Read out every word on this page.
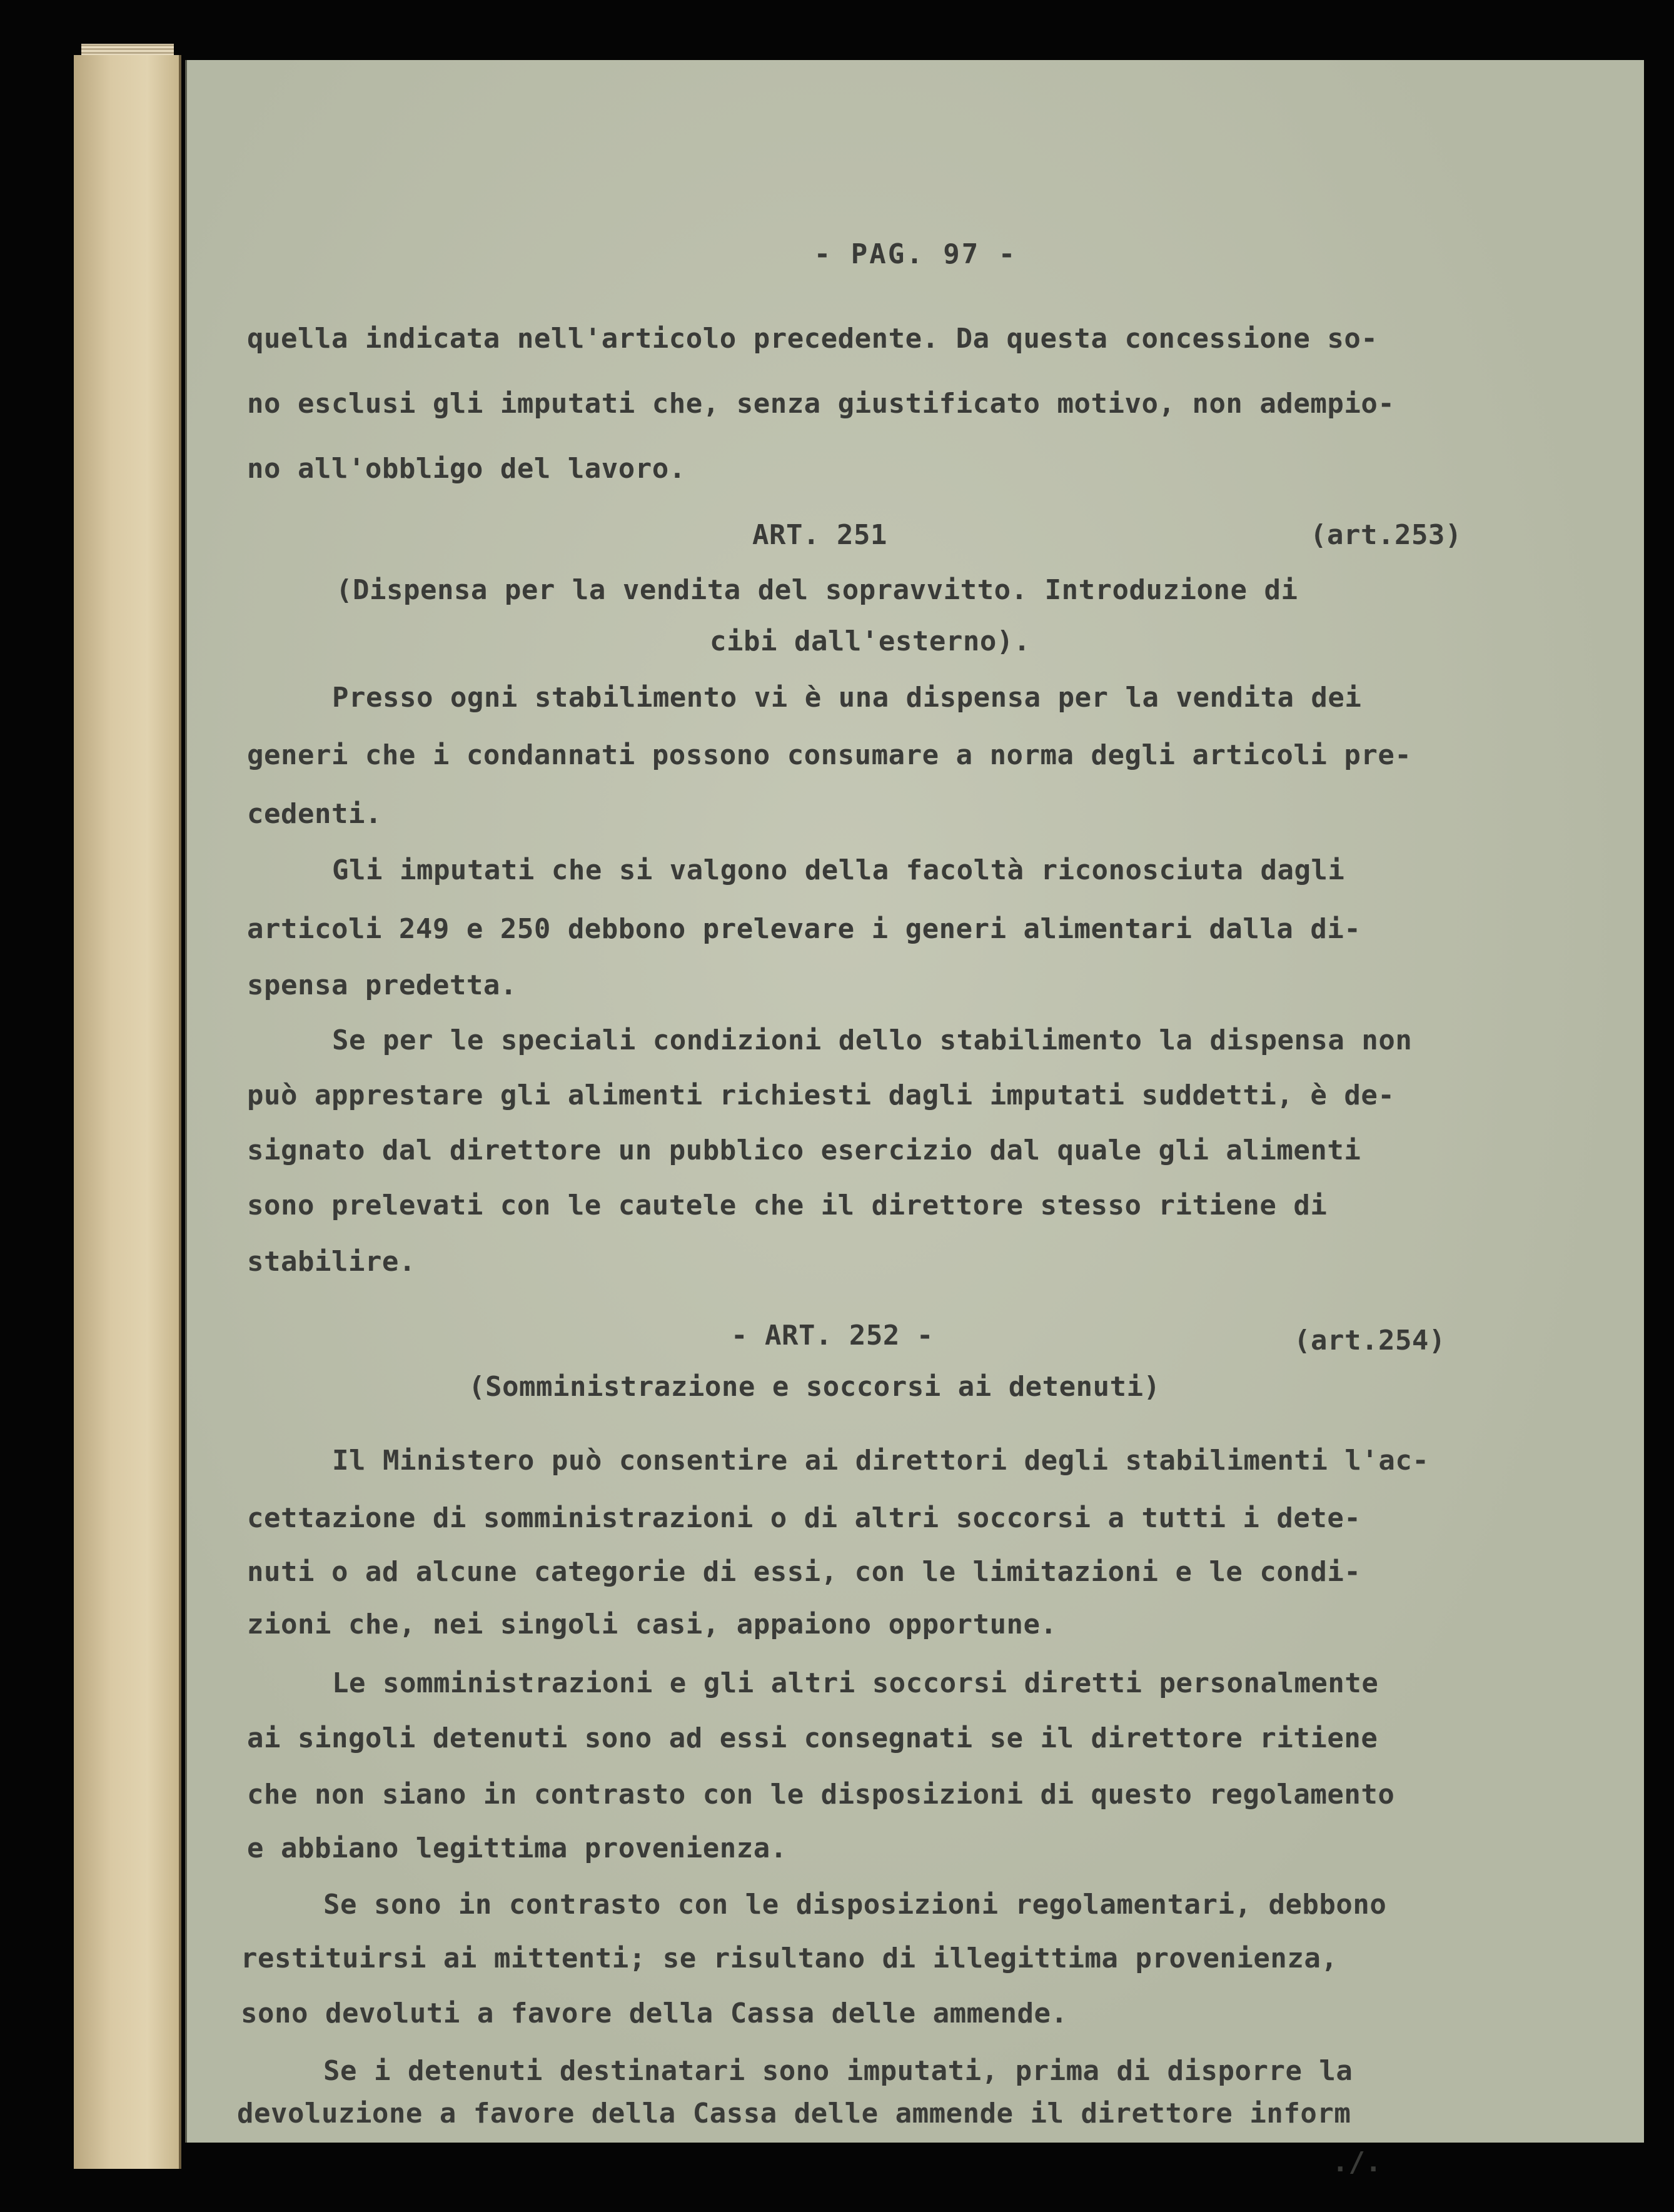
- PAG. 97 -
quella indicata nell'articolo precedente. Da questa concessione so-
no esclusi gli imputati che, senza giustificato motivo, non adempio-
no all'obbligo del lavoro.
ART. 251	(art.253)
(Dispensa per la vendita del sopravvitto. Introduzione di
cibi dall'esterno).
Presso ogni stabilimento vi è una dispensa per la vendita dei
generi che i condannati possono consumare a norma degli articoli pre-
cedenti.
Gli imputati che si valgono della facoltà riconosciuta dagli
articoli 249 e 250 debbono prelevare i generi alimentari dalla di-
spensa predetta.
Se per le speciali condizioni dello stabilimento la dispensa non
può apprestare gli alimenti richiesti dagli imputati suddetti, è de-
signato dal direttore un pubblico esercizio dal quale gli alimenti
sono prelevati con le cautele che il direttore stesso ritiene di
stabilire.
- ART. 252 -	(art.254)
(Somministrazione e soccorsi ai detenuti)
Il Ministero può consentire ai direttori degli stabilimenti l'ac-
cettazione di somministrazioni o di altri soccorsi a tutti i dete-
nuti o ad alcune categorie di essi, con le limitazioni e le condi-
zioni che, nei singoli casi, appaiono opportune.
Le somministrazioni e gli altri soccorsi diretti personalmente
ai singoli detenuti sono ad essi consegnati se il direttore ritiene
che non siano in contrasto con le disposizioni di questo regolamento
e abbiano legittima provenienza.
Se sono in contrasto con le disposizioni regolamentari, debbono
restituirsi ai mittenti; se risultano di illegittima provenienza,
sono devoluti a favore della Cassa delle ammende.
Se i detenuti destinatari sono imputati, prima di disporre la
devoluzione a favore della Cassa delle ammende il direttore inform
./.
